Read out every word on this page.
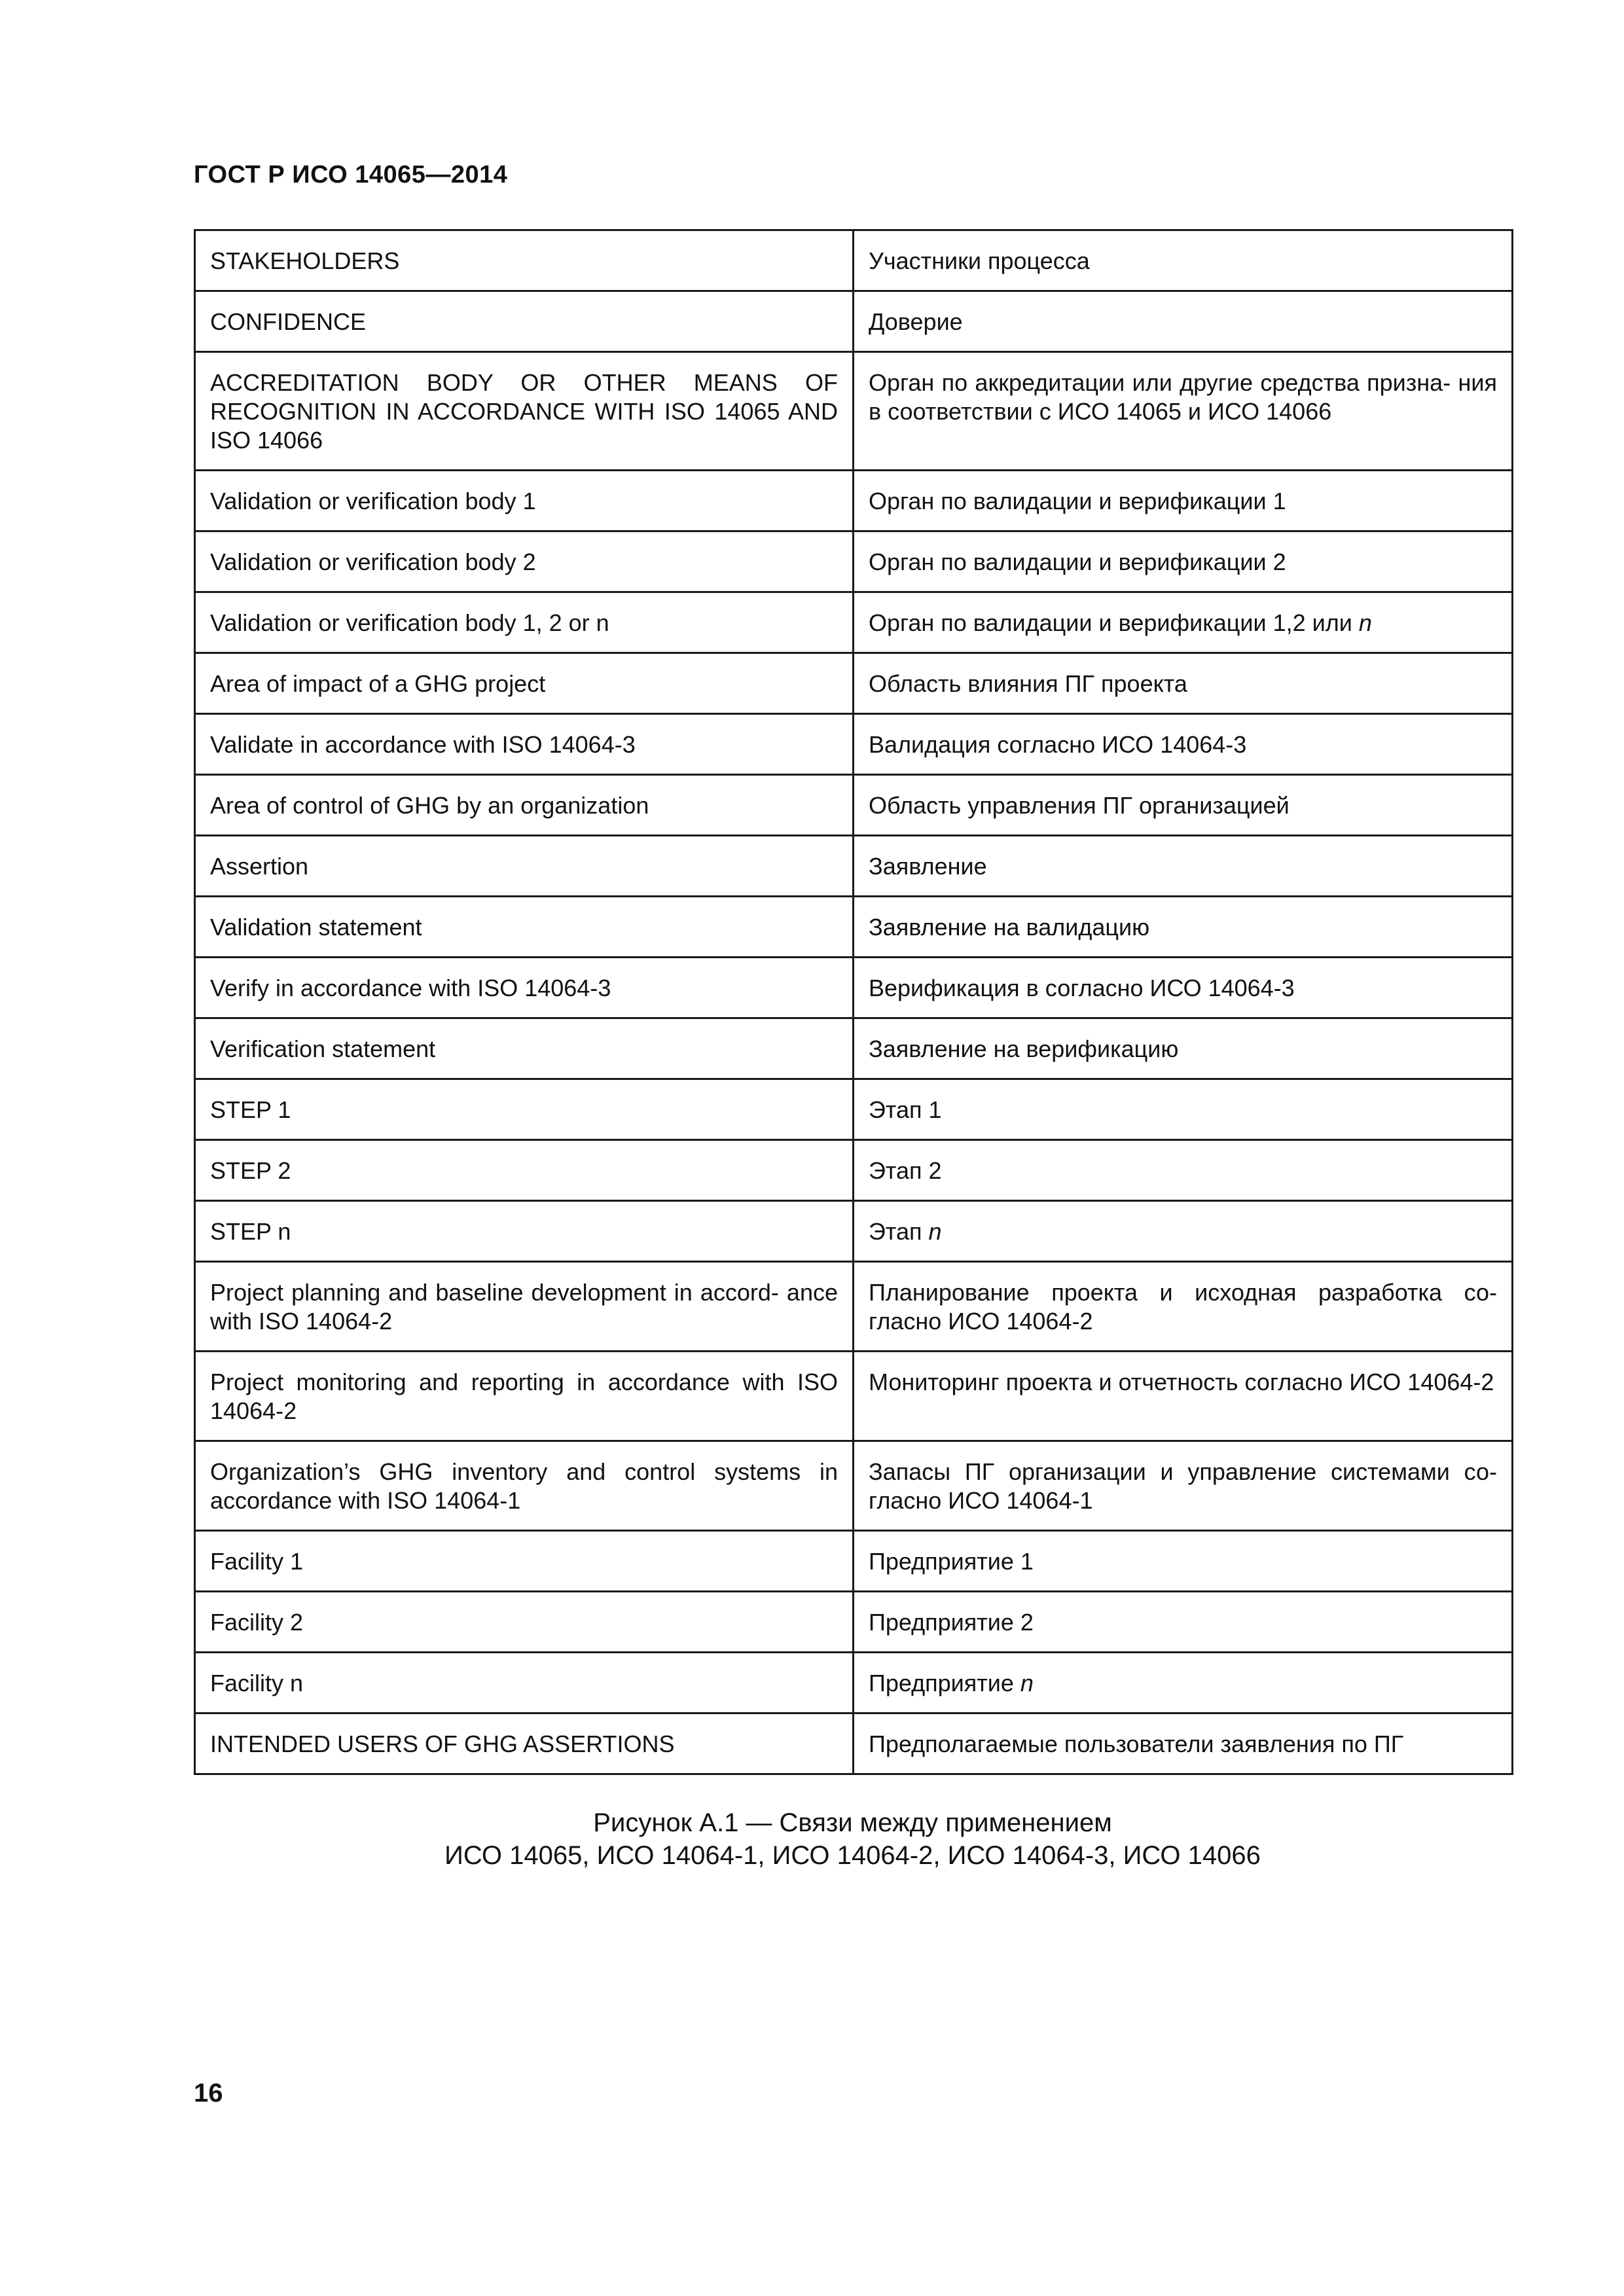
ГОСТ Р ИСО 14065—2014
STAKEHOLDERS	Участники процесса
CONFIDENCE	Доверие
ACCREDITATION BODY OR OTHER MEANS OF RECOGNITION IN ACCORDANCE WITH ISO 14065 AND ISO 14066	Орган по аккредитации или другие средства призна- ния в соответствии с ИСО 14065 и ИСО 14066
Validation or verification body 1	Орган по валидации и верификации 1
Validation or verification body 2	Орган по валидации и верификации 2
Validation or verification body 1, 2 or n	Орган по валидации и верификации 1,2 или n
Area of impact of a GHG project	Область влияния ПГ проекта
Validate in accordance with ISO 14064-3	Валидация согласно ИСО 14064-3
Area of control of GHG by an organization	Область управления ПГ организацией
Assertion	Заявление
Validation statement	Заявление на валидацию
Verify in accordance with ISO 14064-3	Верификация в согласно ИСО 14064-3
Verification statement	Заявление на верификацию
STEP 1	Этап 1
STEP 2	Этап 2
STEP n	Этап n
Project planning and baseline development in accord- ance with ISO 14064-2	Планирование проекта и исходная разработка со- гласно ИСО 14064-2
Project monitoring and reporting in accordance with ISO 14064-2	Мониторинг проекта и отчетность согласно ИСО 14064-2
Organization’s GHG inventory and control systems in accordance with ISO 14064-1	Запасы ПГ организации и управление системами со- гласно ИСО 14064-1
Facility 1	Предприятие 1
Facility 2	Предприятие 2
Facility n	Предприятие n
INTENDED USERS OF GHG ASSERTIONS	Предполагаемые пользователи заявления по ПГ
Рисунок А.1 — Связи между применением
ИСО 14065, ИСО 14064-1, ИСО 14064-2, ИСО 14064-3, ИСО 14066
16
